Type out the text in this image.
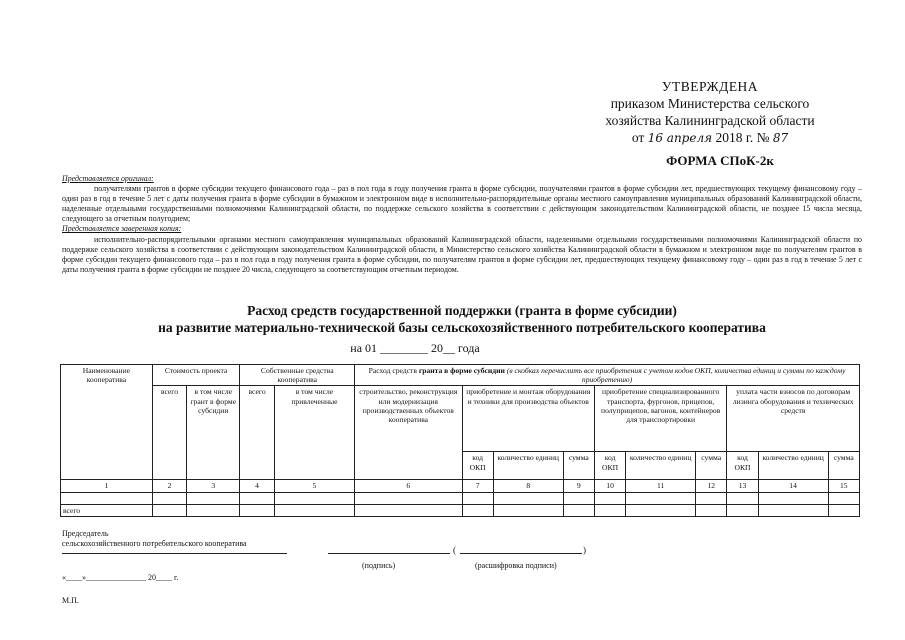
УТВЕРЖДЕНА
приказом Министерства сельского
хозяйства Калининградской области
от 16 апреля 2018 г. № 87
ФОРМА СПоК-2к
Представляется оригинал:
получателями грантов в форме субсидии текущего финансового года – раз в пол года в году получения гранта в форме субсидии, получателями грантов в форме субсидии лет, предшествующих текущему финансовому году – один раз в год в течение 5 лет с даты получения гранта в форме субсидии в бумажном и электронном виде в исполнительно-распорядительные органы местного самоуправления муниципальных образований Калининградской области, наделенные отдельными государственными полномочиями Калининградской области, по поддержке сельского хозяйства в соответствии с действующим законодательством Калининградской области, не позднее 15 числа месяца, следующего за отчетным полугодием;
Представляется заверенная копия:
исполнительно-распорядительными органами местного самоуправления муниципальных образований Калининградской области, наделенными отдельными государственными полномочиями Калининградской области по поддержке сельского хозяйства в соответствии с действующим законодательством Калининградской области, в Министерство сельского хозяйства Калининградской области в бумажном и электронном виде по получателям грантов в форме субсидии текущего финансового года – раз в пол года в году получения гранта в форме субсидии, по получателям грантов в форме субсидии лет, предшествующих текущему финансовому году – один раз в год в течение 5 лет с даты получения гранта в форме субсидии не позднее 20 числа, следующего за соответствующим отчетным периодом.
Расход средств государственной поддержки (гранта в форме субсидии)
на развитие материально-технической базы сельскохозяйственного потребительского кооператива
на 01 ________ 20__ года
Наименование кооператива	Стоимость проекта		Собственные средства кооператива		Расход средств гранта в форме субсидии (в скобках перечислить все приобретения с учетом кодов ОКП, количества единиц и суммы по каждому приобретению)									
	всего	в том числе грант в форме субсидии	всего	в том числе привлеченные	строительство, реконструкция или модернизация производственных объектов кооператива	приобретение и монтаж оборудования и техники для производства объектов			приобретение специализированного транспорта, фургонов, прицепов, полуприцепов, вагонов, контейнеров для транспортировки			уплата части взносов по договорам лизинга оборудования и технических средств		
						код ОКП	количество единиц	сумма	код ОКП	количество единиц	сумма	код ОКП	количество единиц	сумма
1	2	3	4	5	6	7	8	9	10	11	12	13	14	15

всего														
Председатель
сельскохозяйственного потребительского кооператива
(	)
(подпись)	(расшифровка подписи)
«____»_______________ 20____ г.
М.П.
